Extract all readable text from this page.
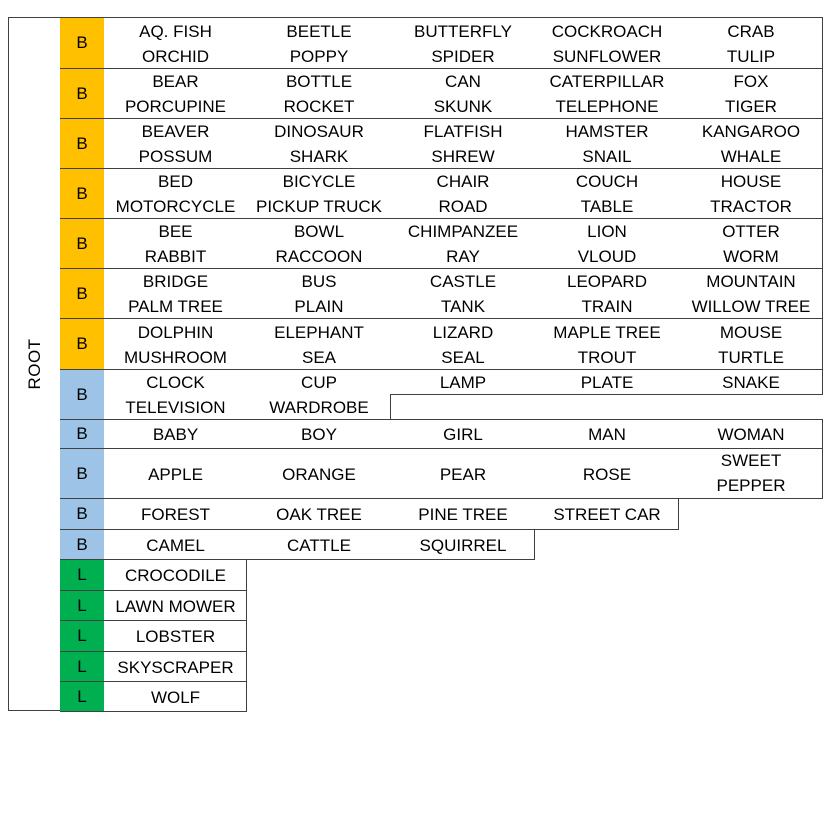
ROOT
B
AQ. FISH	BEETLE	BUTTERFLY	COCKROACH	CRAB
ORCHID	POPPY	SPIDER	SUNFLOWER	TULIP
B
BEAR	BOTTLE	CAN	CATERPILLAR	FOX
PORCUPINE	ROCKET	SKUNK	TELEPHONE	TIGER
B
BEAVER	DINOSAUR	FLATFISH	HAMSTER	KANGAROO
POSSUM	SHARK	SHREW	SNAIL	WHALE
B
BED	BICYCLE	CHAIR	COUCH	HOUSE
MOTORCYCLE	PICKUP TRUCK	ROAD	TABLE	TRACTOR
B
BEE	BOWL	CHIMPANZEE	LION	OTTER
RABBIT	RACCOON	RAY	VLOUD	WORM
B
BRIDGE	BUS	CASTLE	LEOPARD	MOUNTAIN
PALM TREE	PLAIN	TANK	TRAIN	WILLOW TREE
B
DOLPHIN	ELEPHANT	LIZARD	MAPLE TREE	MOUSE
MUSHROOM	SEA	SEAL	TROUT	TURTLE
B
CLOCK	CUP	LAMP	PLATE	SNAKE
TELEVISION	WARDROBE
B	BABY	BOY	GIRL	MAN	WOMAN
B	APPLE	ORANGE	PEAR	ROSE
SWEET
PEPPER
B	FOREST	OAK TREE	PINE TREE	STREET CAR
B	CAMEL	CATTLE	SQUIRREL
L	CROCODILE
L	LAWN MOWER
L	LOBSTER
L	SKYSCRAPER
L	WOLF
